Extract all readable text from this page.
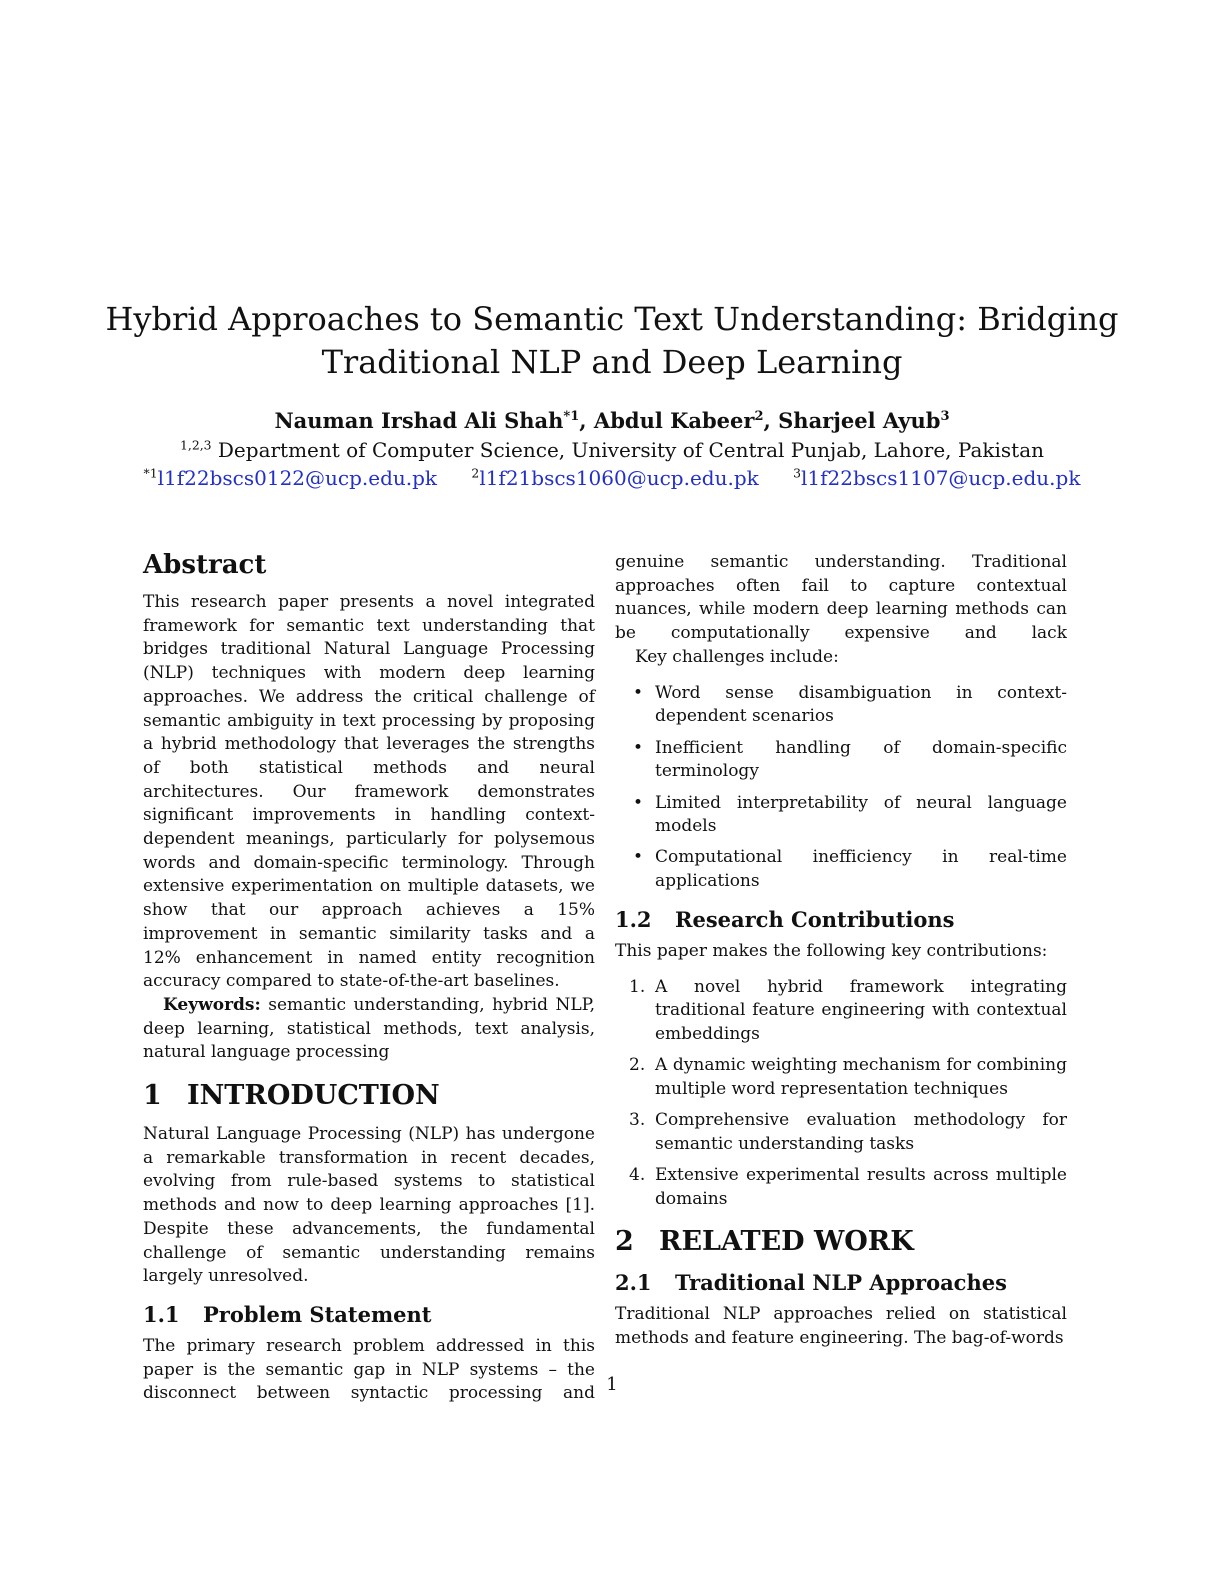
Hybrid Approaches to Semantic Text Understanding: Bridging
Traditional NLP and Deep Learning
Nauman Irshad Ali Shah$^{*1}$, Abdul Kabeer$^2$, Sharjeel Ayub$^3$
$^{1,2,3}$ Department of Computer Science, University of Central Punjab, Lahore, Pakistan
$^{*1}$l1f22bscs0122@ucp.edu.pk	$^2$l1f21bscs1060@ucp.edu.pk	$^3$l1f22bscs1107@ucp.edu.pk
Abstract

This research paper presents a novel integrated framework for semantic text understanding that bridges traditional Natural Language Processing (NLP) techniques with modern deep learning approaches. We address the critical challenge of semantic ambiguity in text processing by proposing a hybrid methodology that leverages the strengths of both statistical methods and neural architectures. Our framework demonstrates significant improvements in handling context-dependent meanings, particularly for polysemous words and domain-specific terminology. Through extensive experimentation on multiple datasets, we show that our approach achieves a 15% improvement in semantic similarity tasks and a 12% enhancement in named entity recognition accuracy compared to state-of-the-art baselines.

Keywords: semantic understanding, hybrid NLP, deep learning, statistical methods, text analysis, natural language processing

1 INTRODUCTION

Natural Language Processing (NLP) has undergone a remarkable transformation in recent decades, evolving from rule-based systems to statistical methods and now to deep learning approaches [1]. Despite these advancements, the fundamental challenge of semantic understanding remains largely unresolved.

1.1 Problem Statement

The primary research problem addressed in this paper is the semantic gap in NLP systems – the disconnect between syntactic processing and

genuine semantic understanding. Traditional approaches often fail to capture contextual nuances, while modern deep learning methods can be computationally expensive and lack

Key challenges include:

• Word sense disambiguation in context-dependent scenarios
• Inefficient handling of domain-specific terminology
• Limited interpretability of neural language models
• Computational inefficiency in real-time applications
1.2 Research Contributions

This paper makes the following key contributions:

1. A novel hybrid framework integrating traditional feature engineering with contextual embeddings
2. A dynamic weighting mechanism for combining multiple word representation techniques
3. Comprehensive evaluation methodology for semantic understanding tasks
4. Extensive experimental results across multiple domains
2 RELATED WORK
2.1 Traditional NLP Approaches

Traditional NLP approaches relied on statistical methods and feature engineering. The bag-of-words

1
